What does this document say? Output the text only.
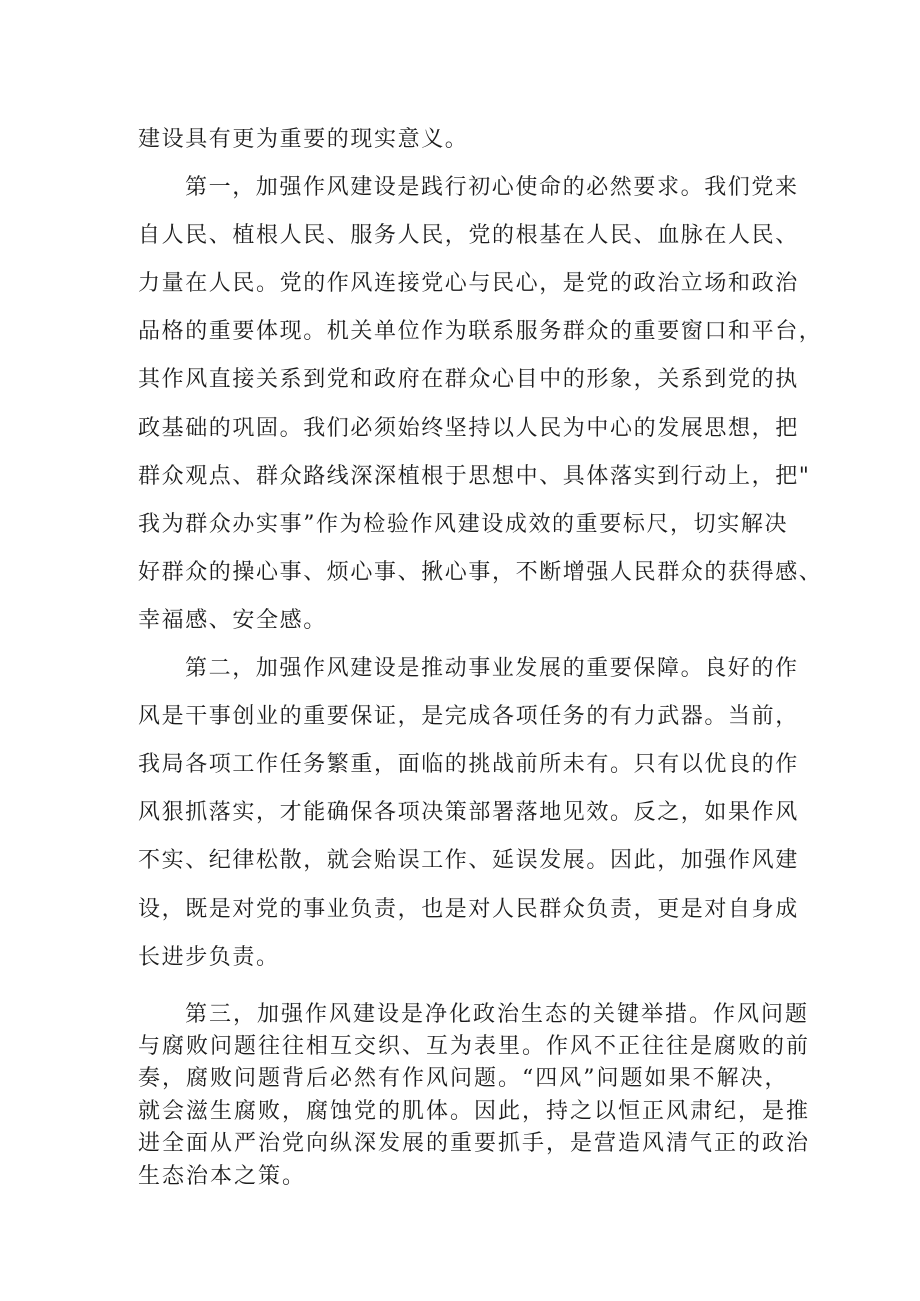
建设具有更为重要的现实意义。
第一，加强作风建设是践行初心使命的必然要求。我们党来
自人民、植根人民、服务人民，党的根基在人民、血脉在人民、
力量在人民。党的作风连接党心与民心，是党的政治立场和政治
品格的重要体现。机关单位作为联系服务群众的重要窗口和平台，
其作风直接关系到党和政府在群众心目中的形象，关系到党的执
政基础的巩固。我们必须始终坚持以人民为中心的发展思想，把
群众观点、群众路线深深植根于思想中、具体落实到行动上，把"
我为群众办实事”作为检验作风建设成效的重要标尺，切实解决
好群众的操心事、烦心事、揪心事，不断增强人民群众的获得感、
幸福感、安全感。
第二，加强作风建设是推动事业发展的重要保障。良好的作
风是干事创业的重要保证，是完成各项任务的有力武器。当前，
我局各项工作任务繁重，面临的挑战前所未有。只有以优良的作
风狠抓落实，才能确保各项决策部署落地见效。反之，如果作风
不实、纪律松散，就会贻误工作、延误发展。因此，加强作风建
设，既是对党的事业负责，也是对人民群众负责，更是对自身成
长进步负责。
第三，加强作风建设是净化政治生态的关键举措。作风问题
与腐败问题往往相互交织、互为表里。作风不正往往是腐败的前
奏，腐败问题背后必然有作风问题。“四风”问题如果不解决，
就会滋生腐败，腐蚀党的肌体。因此，持之以恒正风肃纪，是推
进全面从严治党向纵深发展的重要抓手，是营造风清气正的政治
生态治本之策。
